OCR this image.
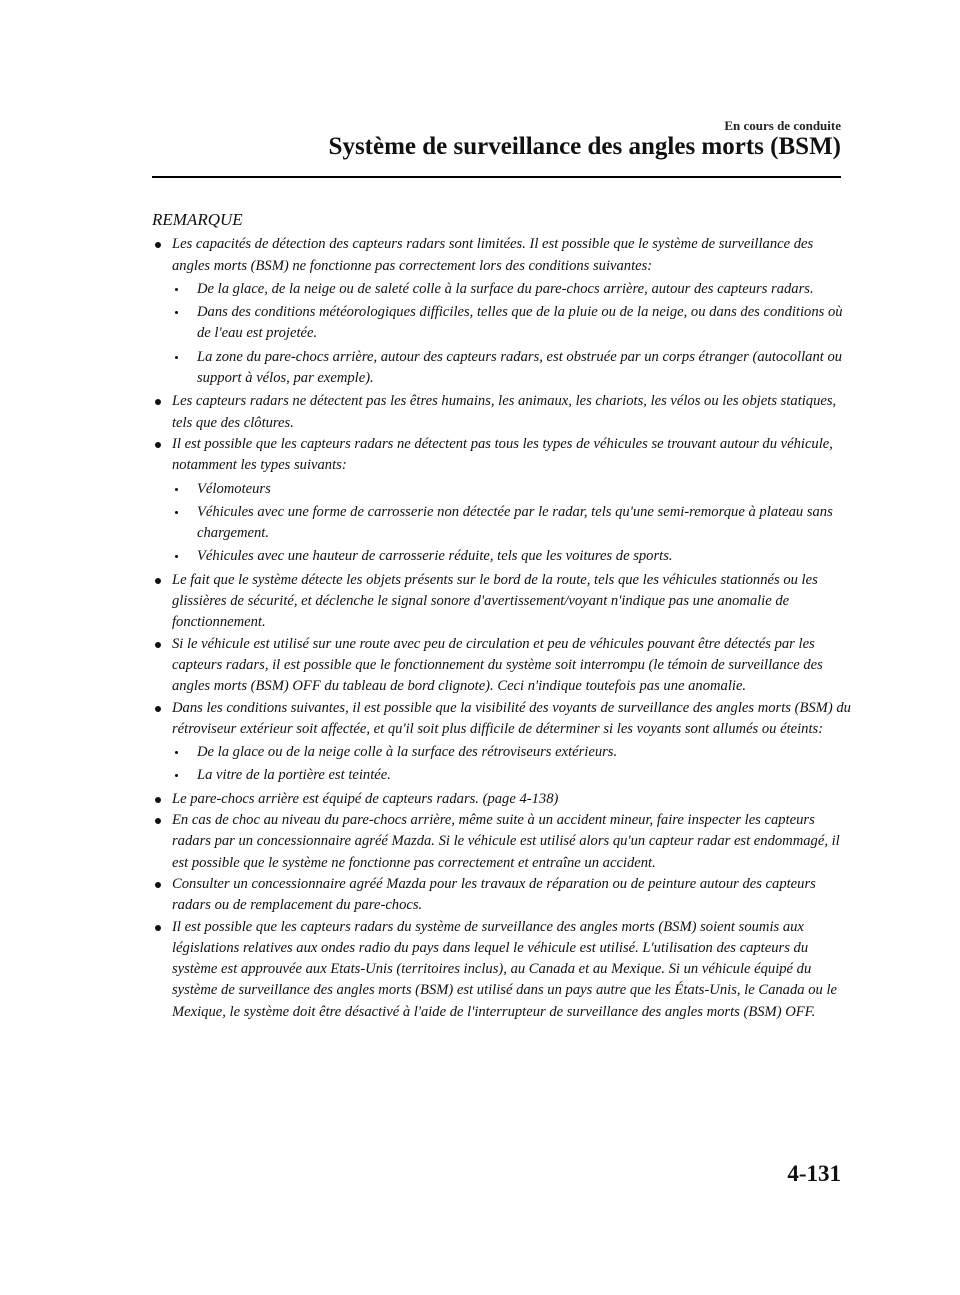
En cours de conduite
Système de surveillance des angles morts (BSM)
REMARQUE
Les capacités de détection des capteurs radars sont limitées. Il est possible que le système de surveillance des angles morts (BSM) ne fonctionne pas correctement lors des conditions suivantes:
De la glace, de la neige ou de saleté colle à la surface du pare-chocs arrière, autour des capteurs radars.
Dans des conditions météorologiques difficiles, telles que de la pluie ou de la neige, ou dans des conditions où de l'eau est projetée.
La zone du pare-chocs arrière, autour des capteurs radars, est obstruée par un corps étranger (autocollant ou support à vélos, par exemple).
Les capteurs radars ne détectent pas les êtres humains, les animaux, les chariots, les vélos ou les objets statiques, tels que des clôtures.
Il est possible que les capteurs radars ne détectent pas tous les types de véhicules se trouvant autour du véhicule, notamment les types suivants:
Vélomoteurs
Véhicules avec une forme de carrosserie non détectée par le radar, tels qu'une semi-remorque à plateau sans chargement.
Véhicules avec une hauteur de carrosserie réduite, tels que les voitures de sports.
Le fait que le système détecte les objets présents sur le bord de la route, tels que les véhicules stationnés ou les glissières de sécurité, et déclenche le signal sonore d'avertissement/voyant n'indique pas une anomalie de fonctionnement.
Si le véhicule est utilisé sur une route avec peu de circulation et peu de véhicules pouvant être détectés par les capteurs radars, il est possible que le fonctionnement du système soit interrompu (le témoin de surveillance des angles morts (BSM) OFF du tableau de bord clignote). Ceci n'indique toutefois pas une anomalie.
Dans les conditions suivantes, il est possible que la visibilité des voyants de surveillance des angles morts (BSM) du rétroviseur extérieur soit affectée, et qu'il soit plus difficile de déterminer si les voyants sont allumés ou éteints:
De la glace ou de la neige colle à la surface des rétroviseurs extérieurs.
La vitre de la portière est teintée.
Le pare-chocs arrière est équipé de capteurs radars. (page 4-138)
En cas de choc au niveau du pare-chocs arrière, même suite à un accident mineur, faire inspecter les capteurs radars par un concessionnaire agréé Mazda. Si le véhicule est utilisé alors qu'un capteur radar est endommagé, il est possible que le système ne fonctionne pas correctement et entraîne un accident.
Consulter un concessionnaire agréé Mazda pour les travaux de réparation ou de peinture autour des capteurs radars ou de remplacement du pare-chocs.
Il est possible que les capteurs radars du système de surveillance des angles morts (BSM) soient soumis aux législations relatives aux ondes radio du pays dans lequel le véhicule est utilisé. L'utilisation des capteurs du système est approuvée aux Etats-Unis (territoires inclus), au Canada et au Mexique. Si un véhicule équipé du système de surveillance des angles morts (BSM) est utilisé dans un pays autre que les États-Unis, le Canada ou le Mexique, le système doit être désactivé à l'aide de l'interrupteur de surveillance des angles morts (BSM) OFF.
4-131
